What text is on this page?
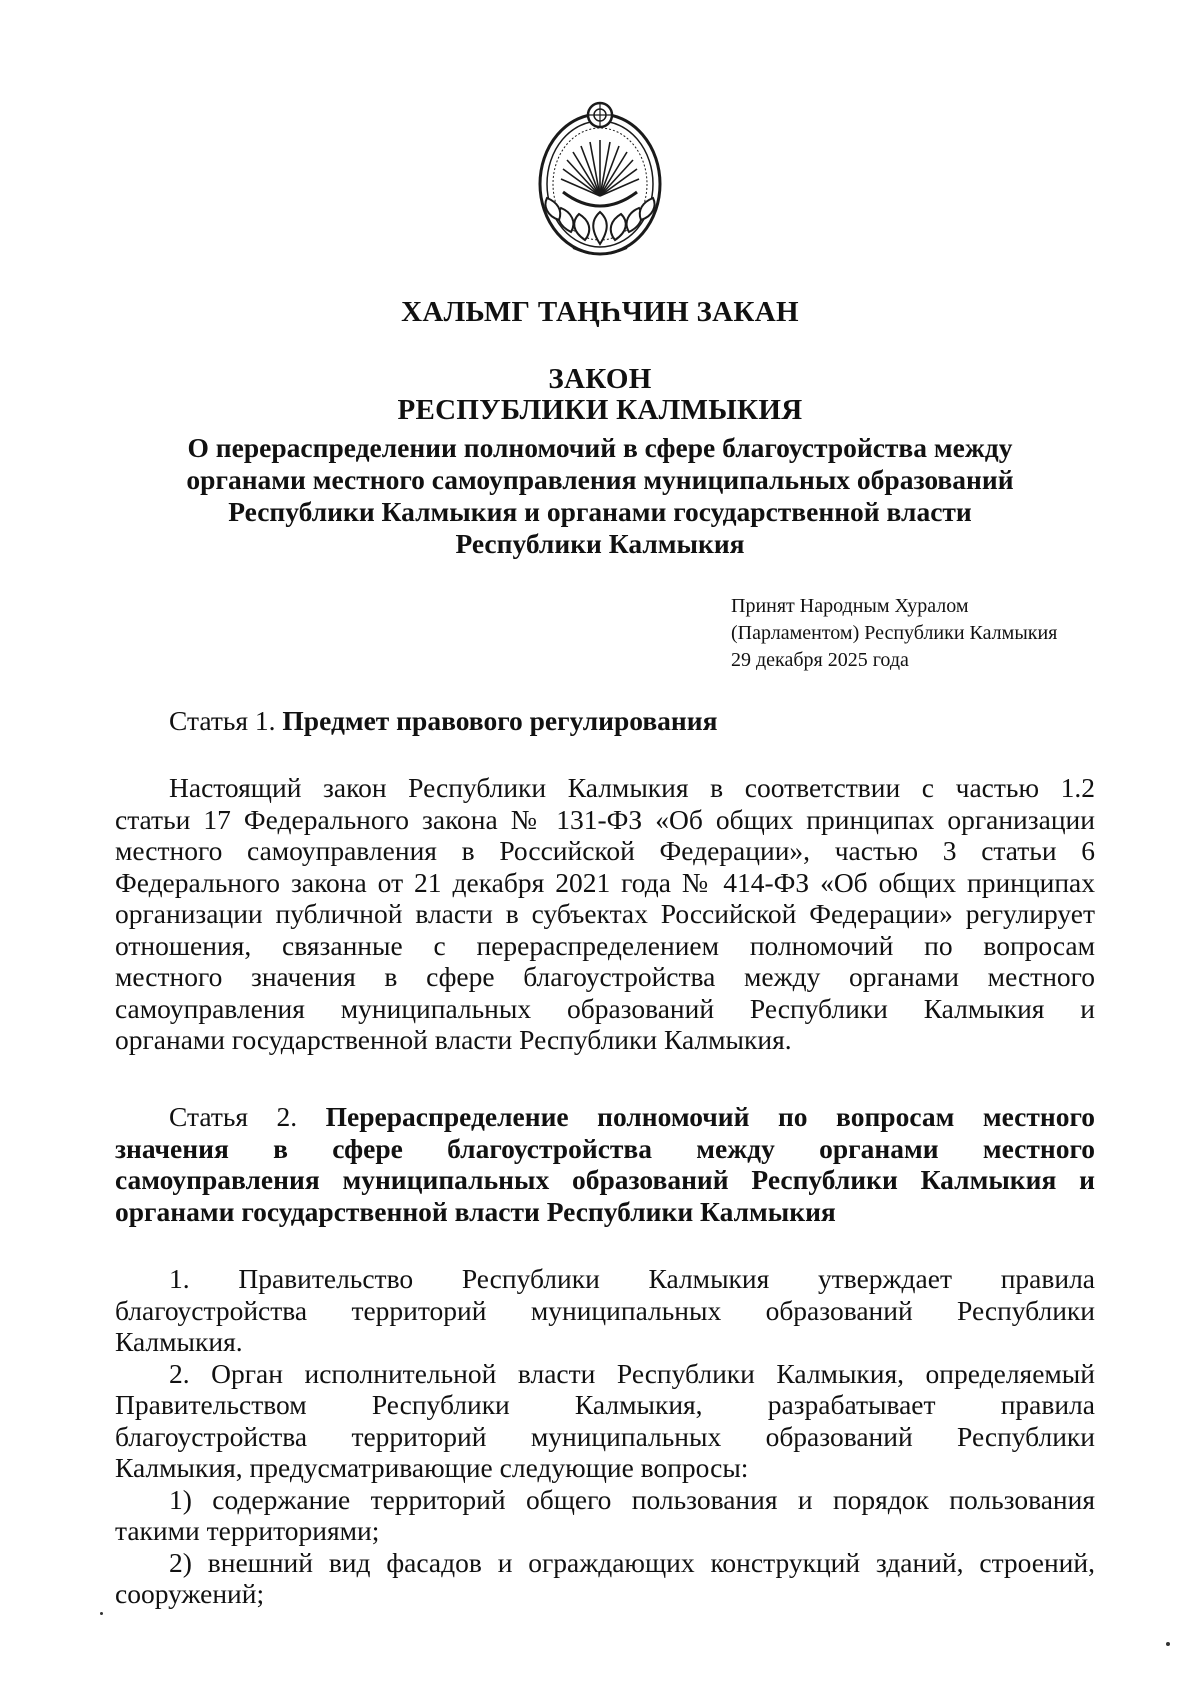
ХАЛЬМГ ТАҢҺЧИН ЗАКАН
ЗАКОН
РЕСПУБЛИКИ КАЛМЫКИЯ
О перераспределении полномочий в сфере благоустройства между
органами местного самоуправления муниципальных образований
Республики Калмыкия и органами государственной власти
Республики Калмыкия
Принят Народным Хуралом
(Парламентом) Республики Калмыкия
29 декабря 2025 года
Статья 1. Предмет правового регулирования
Настоящий закон Республики Калмыкия в соответствии с частью 1.2
статьи 17 Федерального закона № 131-ФЗ «Об общих принципах организации
местного самоуправления в Российской Федерации», частью 3 статьи 6
Федерального закона от 21 декабря 2021 года № 414-ФЗ «Об общих принципах
организации публичной власти в субъектах Российской Федерации» регулирует
отношения, связанные с перераспределением полномочий по вопросам
местного значения в сфере благоустройства между органами местного
самоуправления муниципальных образований Республики Калмыкия и
органами государственной власти Республики Калмыкия.
Статья 2. Перераспределение полномочий по вопросам местного
значения в сфере благоустройства между органами местного
самоуправления муниципальных образований Республики Калмыкия и
органами государственной власти Республики Калмыкия
1. Правительство Республики Калмыкия утверждает правила
благоустройства территорий муниципальных образований Республики
Калмыкия.
2. Орган исполнительной власти Республики Калмыкия, определяемый
Правительством Республики Калмыкия, разрабатывает правила
благоустройства территорий муниципальных образований Республики
Калмыкия, предусматривающие следующие вопросы:
1) содержание территорий общего пользования и порядок пользования
такими территориями;
2) внешний вид фасадов и ограждающих конструкций зданий, строений,
сооружений;
